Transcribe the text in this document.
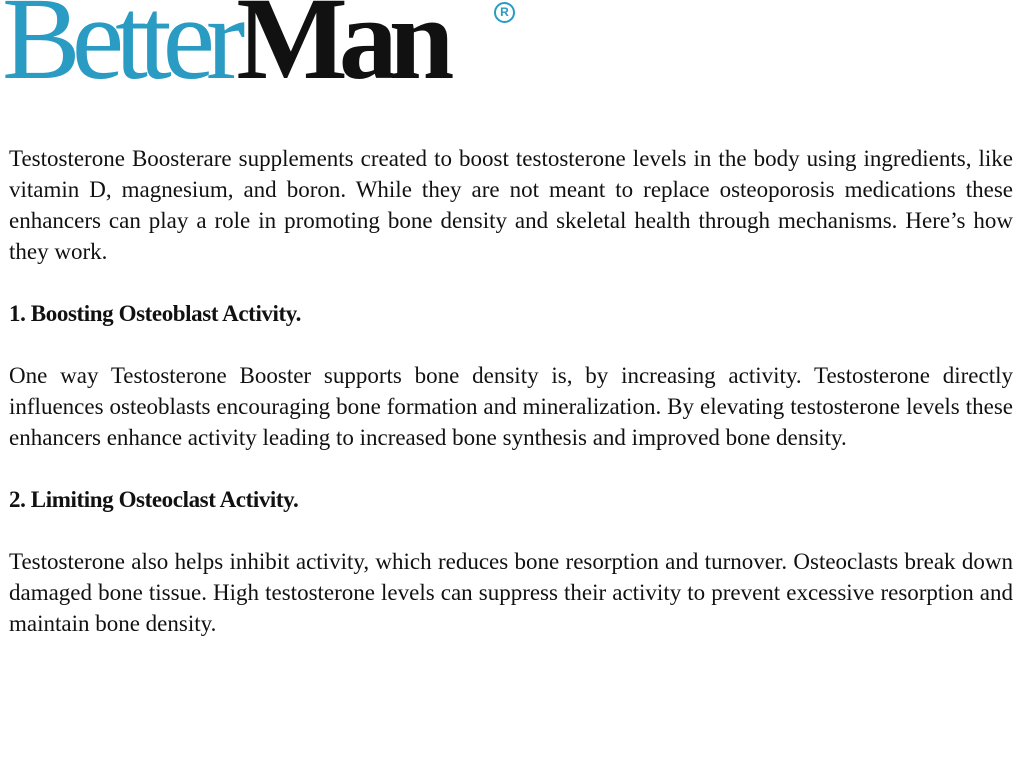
BetterMan	R

Testosterone Boosterare supplements created to boost testosterone levels in the body using ingredients, like vitamin D, magnesium, and boron. While they are not meant to replace osteoporosis medications these enhancers can play a role in promoting bone density and skeletal health through mechanisms. Here’s how they work.

1. Boosting Osteoblast Activity.

One way Testosterone Booster supports bone density is, by increasing activity. Testosterone directly influences osteoblasts encouraging bone formation and mineralization. By elevating testosterone levels these enhancers enhance activity leading to increased bone synthesis and improved bone density.

2. Limiting Osteoclast Activity.

Testosterone also helps inhibit activity, which reduces bone resorption and turnover. Osteoclasts break down damaged bone tissue. High testosterone levels can suppress their activity to prevent excessive resorption and maintain bone density.
